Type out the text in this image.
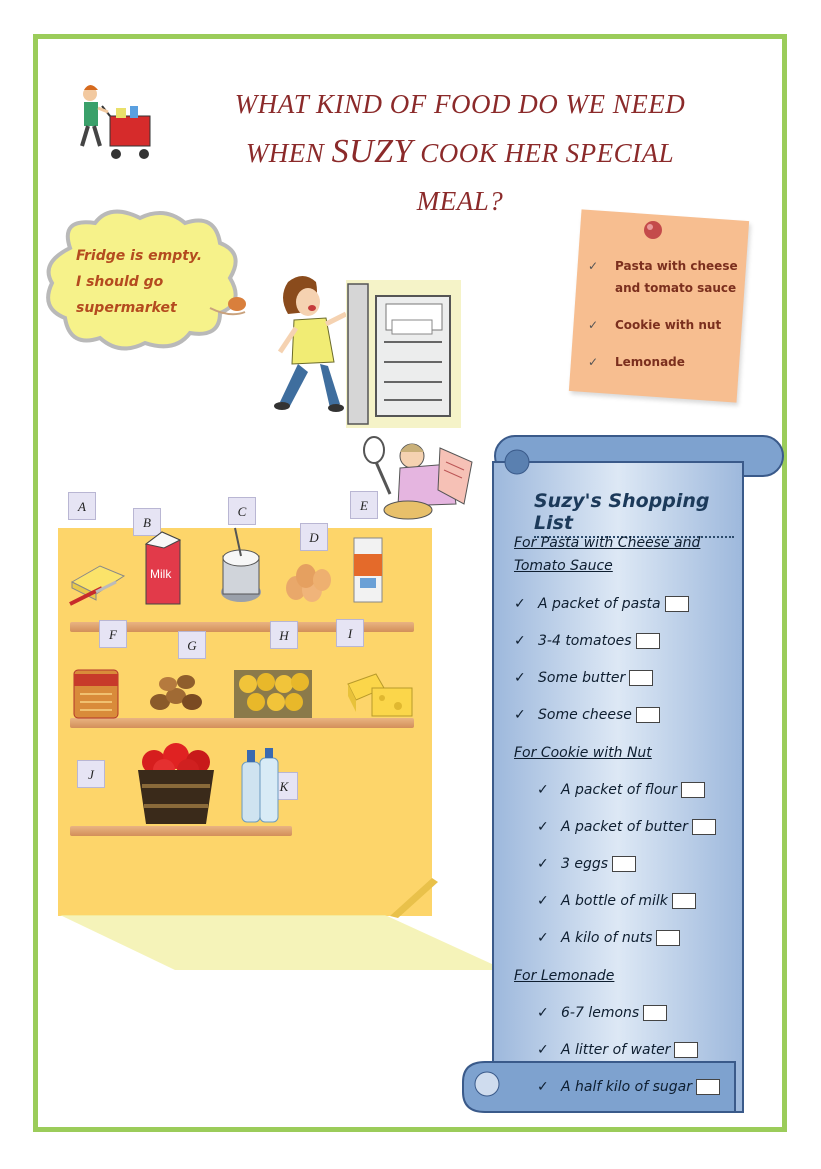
WHAT KIND OF FOOD DO WE NEED
WHEN SUZY COOK HER SPECIAL
MEAL?
Fridge is empty.
I should go
supermarket
✓ Pasta with cheese and tomato sauce
✓ Cookie with nut
✓ Lemonade
A
B
C
D
E
F
G
H	I
J
K
Milk
Suzy's Shopping List
For Pasta with Cheese and
Tomato Sauce
✓ A packet of pasta
✓ 3-4 tomatoes
✓ Some butter
✓ Some cheese
For Cookie with Nut
✓ A packet of flour
✓ A packet of butter
✓ 3 eggs
✓ A bottle of milk
✓ A kilo of nuts
For Lemonade
✓ 6-7 lemons
✓ A litter of water
✓ A half kilo of sugar
